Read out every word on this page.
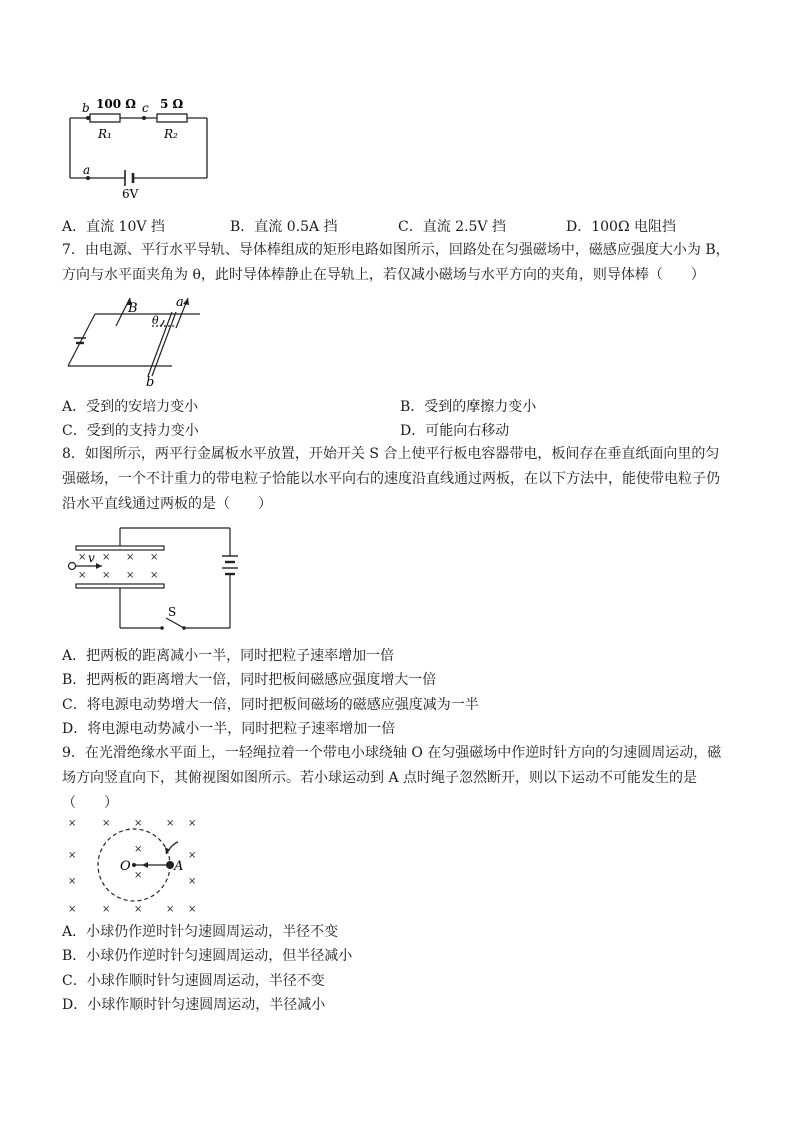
b 100 Ω c 5 Ω
R₁	R₂
a
6V
A．直流 10V 挡	B．直流 0.5A 挡	C．直流 2.5V 挡	D．100Ω 电阻挡
7．由电源、平行水平导轨、导体棒组成的矩形电路如图所示，回路处在匀强磁场中，磁感应强度大小为 B，
方向与水平面夹角为 θ，此时导体棒静止在导轨上，若仅减小磁场与水平方向的夹角，则导体棒（　　）
B
θ
a
b
A．受到的安培力变小	B．受到的摩擦力变小
C．受到的支持力变小	D．可能向右移动
8．如图所示，两平行金属板水平放置，开始开关 S 合上使平行板电容器带电，板间存在垂直纸面向里的匀
强磁场，一个不计重力的带电粒子恰能以水平向右的速度沿直线通过两板，在以下方法中，能使带电粒子仍
沿水平直线通过两板的是（　　）
× × × ×
× × × ×
v
S
A．把两板的距离减小一半，同时把粒子速率增加一倍
B．把两板的距离增大一倍，同时把板间磁感应强度增大一倍
C．将电源电动势增大一倍，同时把板间磁场的磁感应强度减为一半
D．将电源电动势减小一半，同时把粒子速率增加一倍
9．在光滑绝缘水平面上，一轻绳拉着一个带电小球绕轴 O 在匀强磁场中作逆时针方向的匀速圆周运动，磁
场方向竖直向下，其俯视图如图所示。若小球运动到 A 点时绳子忽然断开，则以下运动不可能发生的是
（　　）
×	× × × ×
×
×
×
×
×
×
×	× × × ×
O	A
A．小球仍作逆时针匀速圆周运动，半径不变
B．小球仍作逆时针匀速圆周运动，但半径减小
C．小球作顺时针匀速圆周运动，半径不变
D．小球作顺时针匀速圆周运动，半径减小
